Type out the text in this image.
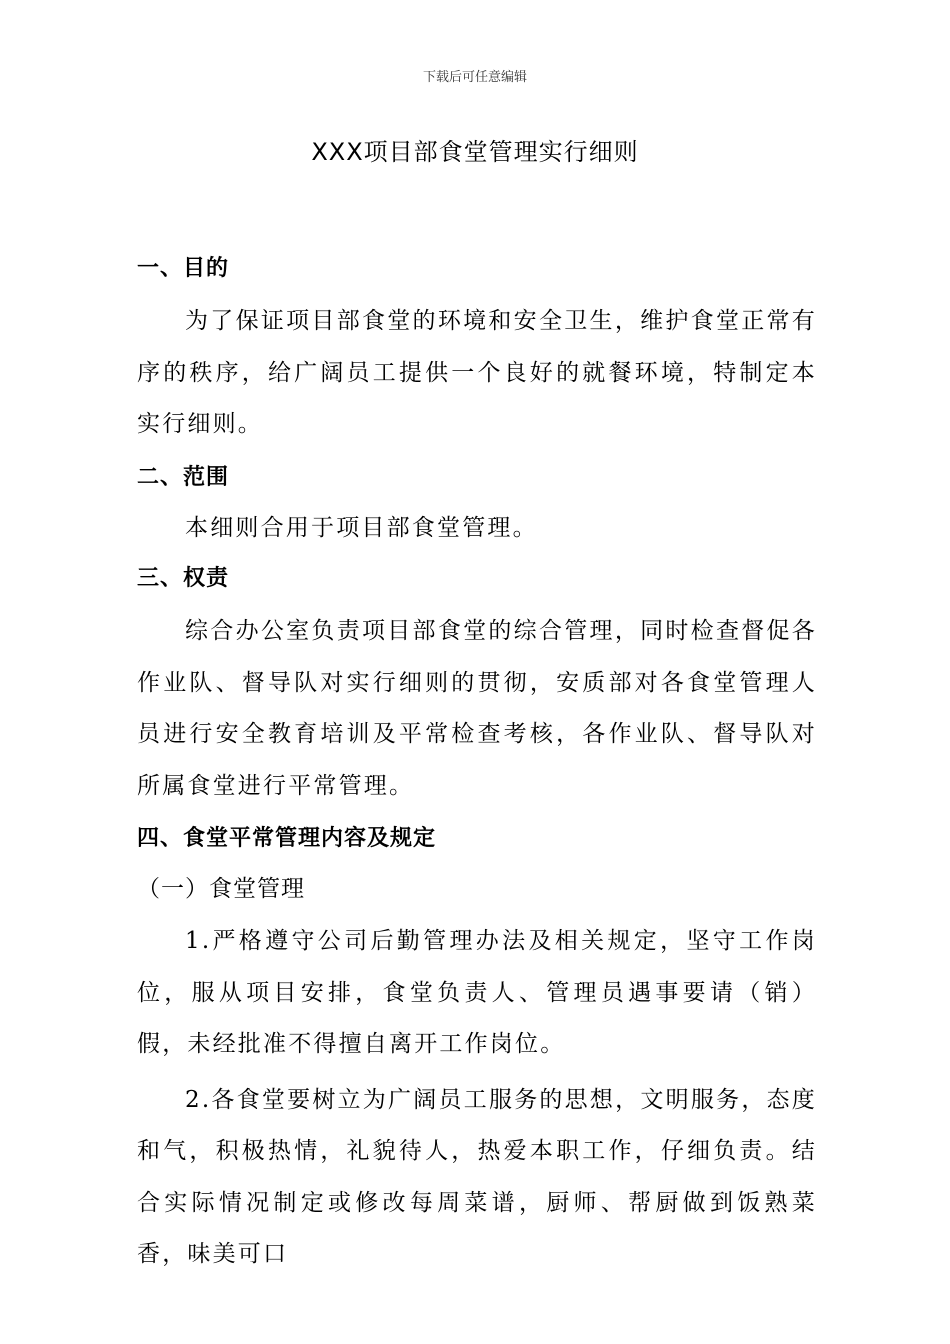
下载后可任意编辑
XXX项目部食堂管理实行细则
一、目的

为了保证项目部食堂的环境和安全卫生，维护食堂正常有序的秩序，给广阔员工提供一个良好的就餐环境，特制定本实行细则。

二、范围

本细则合用于项目部食堂管理。

三、权责

综合办公室负责项目部食堂的综合管理，同时检查督促各作业队、督导队对实行细则的贯彻，安质部对各食堂管理人员进行安全教育培训及平常检查考核，各作业队、督导队对所属食堂进行平常管理。

四、食堂平常管理内容及规定
（一）食堂管理

1.严格遵守公司后勤管理办法及相关规定，坚守工作岗位，服从项目安排，食堂负责人、管理员遇事要请（销）假，未经批准不得擅自离开工作岗位。

2.各食堂要树立为广阔员工服务的思想，文明服务，态度和气，积极热情，礼貌待人，热爱本职工作，仔细负责。结合实际情况制定或修改每周菜谱，厨师、帮厨做到饭熟菜香，味美可口
